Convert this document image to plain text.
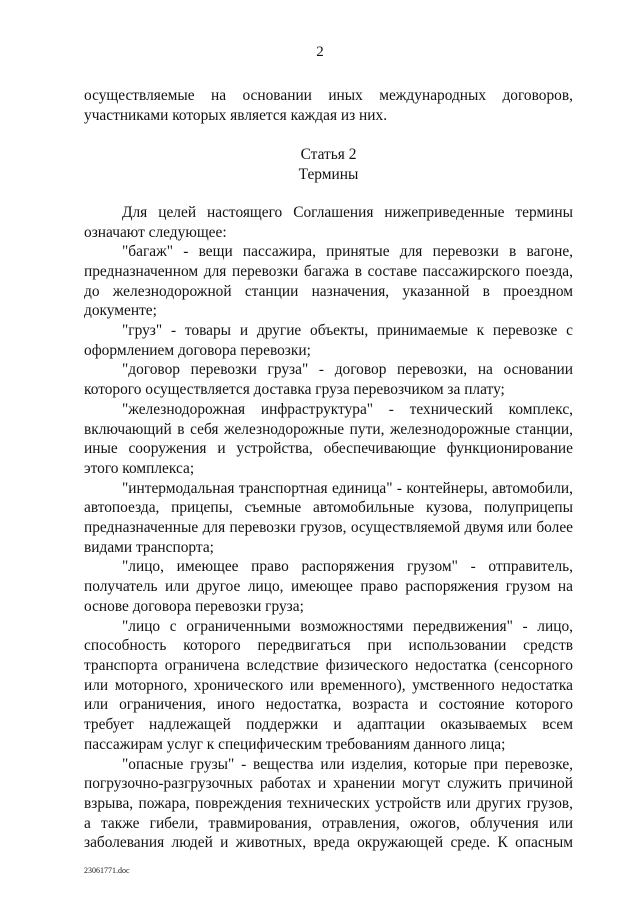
2

осуществляемые на основании иных международных договоров, участниками которых является каждая из них.

Статья 2
Термины

Для целей настоящего Соглашения нижеприведенные термины означают следующее:

"багаж" - вещи пассажира, принятые для перевозки в вагоне, предназначенном для перевозки багажа в составе пассажирского поезда, до железнодорожной станции назначения, указанной в проездном документе;

"груз" - товары и другие объекты, принимаемые к перевозке с оформлением договора перевозки;

"договор перевозки груза" - договор перевозки, на основании которого осуществляется доставка груза перевозчиком за плату;

"железнодорожная инфраструктура" - технический комплекс, включающий в себя железнодорожные пути, железнодорожные станции, иные сооружения и устройства, обеспечивающие функционирование этого комплекса;

"интермодальная транспортная единица" - контейнеры, автомобили, автопоезда, прицепы, съемные автомобильные кузова, полуприцепы предназначенные для перевозки грузов, осуществляемой двумя или более видами транспорта;

"лицо, имеющее право распоряжения грузом" - отправитель, получатель или другое лицо, имеющее право распоряжения грузом на основе договора перевозки груза;

"лицо с ограниченными возможностями передвижения" - лицо, способность которого передвигаться при использовании средств транспорта ограничена вследствие физического недостатка (сенсорного или моторного, хронического или временного), умственного недостатка или ограничения, иного недостатка, возраста и состояние которого требует надлежащей поддержки и адаптации оказываемых всем пассажирам услуг к специфическим требованиям данного лица;

"опасные грузы" - вещества или изделия, которые при перевозке, погрузочно-разгрузочных работах и хранении могут служить причиной взрыва, пожара, повреждения технических устройств или других грузов, а также гибели, травмирования, отравления, ожогов, облучения или заболевания людей и животных, вреда окружающей среде. К опасным

23061771.doc
